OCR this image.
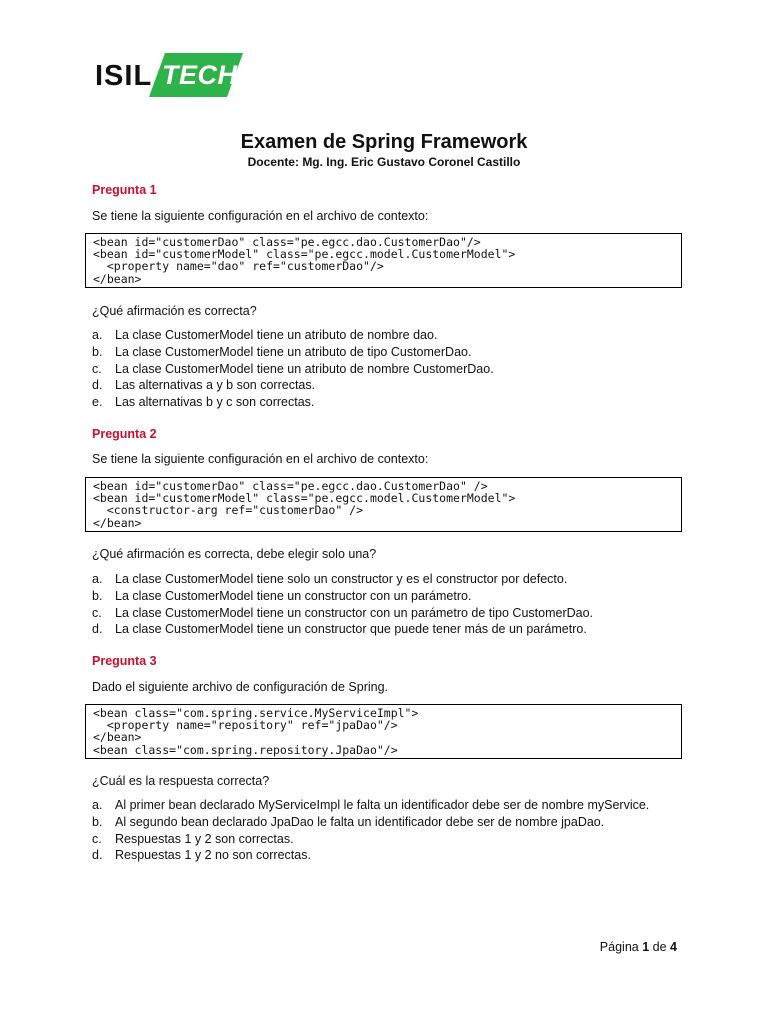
ISIL TECH
Examen de Spring Framework
Docente: Mg. Ing. Eric Gustavo Coronel Castillo
Pregunta 1
Se tiene la siguiente configuración en el archivo de contexto:
<bean id="customerDao" class="pe.egcc.dao.CustomerDao"/>
<bean id="customerModel" class="pe.egcc.model.CustomerModel">
<property name="dao" ref="customerDao"/>
</bean>
¿Qué afirmación es correcta?
a. La clase CustomerModel tiene un atributo de nombre dao.
b. La clase CustomerModel tiene un atributo de tipo CustomerDao.
c. La clase CustomerModel tiene un atributo de nombre CustomerDao.
d. Las alternativas a y b son correctas.
e. Las alternativas b y c son correctas.
Pregunta 2
Se tiene la siguiente configuración en el archivo de contexto:
<bean id="customerDao" class="pe.egcc.dao.CustomerDao" />
<bean id="customerModel" class="pe.egcc.model.CustomerModel">
<constructor-arg ref="customerDao" />
</bean>
¿Qué afirmación es correcta, debe elegir solo una?
a. La clase CustomerModel tiene solo un constructor y es el constructor por defecto.
b. La clase CustomerModel tiene un constructor con un parámetro.
c. La clase CustomerModel tiene un constructor con un parámetro de tipo CustomerDao.
d. La clase CustomerModel tiene un constructor que puede tener más de un parámetro.
Pregunta 3
Dado el siguiente archivo de configuración de Spring.
<bean class="com.spring.service.MyServiceImpl">
<property name="repository" ref="jpaDao"/>
</bean>
<bean class="com.spring.repository.JpaDao"/>
¿Cuál es la respuesta correcta?
a. Al primer bean declarado MyServiceImpl le falta un identificador debe ser de nombre myService.
b. Al segundo bean declarado JpaDao le falta un identificador debe ser de nombre jpaDao.
c. Respuestas 1 y 2 son correctas.
d. Respuestas 1 y 2 no son correctas.
Página 1 de 4
